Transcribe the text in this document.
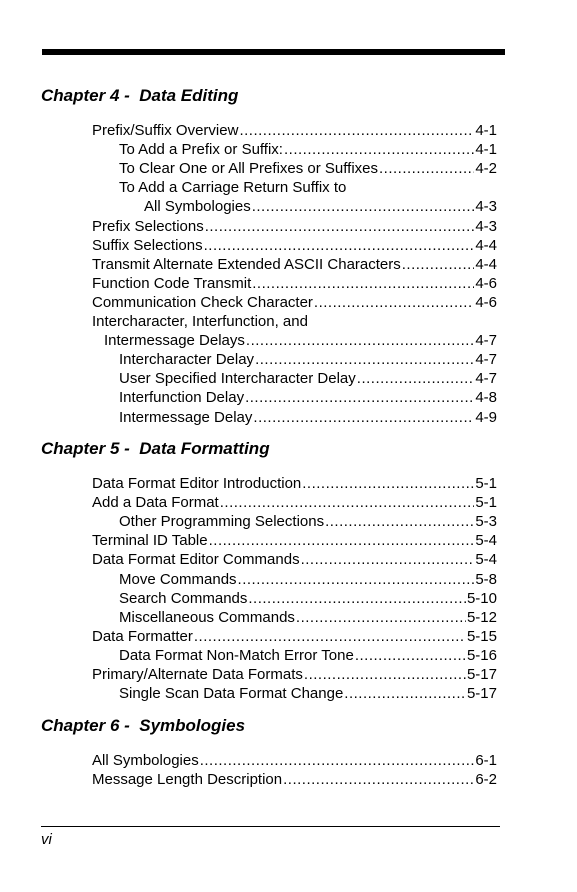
Chapter 4 -  Data Editing
Prefix/Suffix Overview .....	4-1
To Add a Prefix or Suffix: .....	4-1
To Clear One or All Prefixes or Suffixes .....	4-2
To Add a Carriage Return Suffix to
All Symbologies .....	4-3
Prefix Selections .....	4-3
Suffix Selections .....	4-4
Transmit Alternate Extended ASCII Characters .....	4-4
Function Code Transmit .....	4-6
Communication Check Character .....	4-6
Intercharacter, Interfunction, and
Intermessage Delays .....	4-7
Intercharacter Delay .....	4-7
User Specified Intercharacter Delay .....	4-7
Interfunction Delay .....	4-8
Intermessage Delay .....	4-9
Chapter 5 -  Data Formatting
Data Format Editor Introduction .....	5-1
Add a Data Format .....	5-1
Other Programming Selections .....	5-3
Terminal ID Table .....	5-4
Data Format Editor Commands .....	5-4
Move Commands .....	5-8
Search Commands .....	5-10
Miscellaneous Commands .....	5-12
Data Formatter .....	5-15
Data Format Non-Match Error Tone .....	5-16
Primary/Alternate Data Formats .....	5-17
Single Scan Data Format Change .....	5-17
Chapter 6 -  Symbologies
All Symbologies .....	6-1
Message Length Description .....	6-2
vi
